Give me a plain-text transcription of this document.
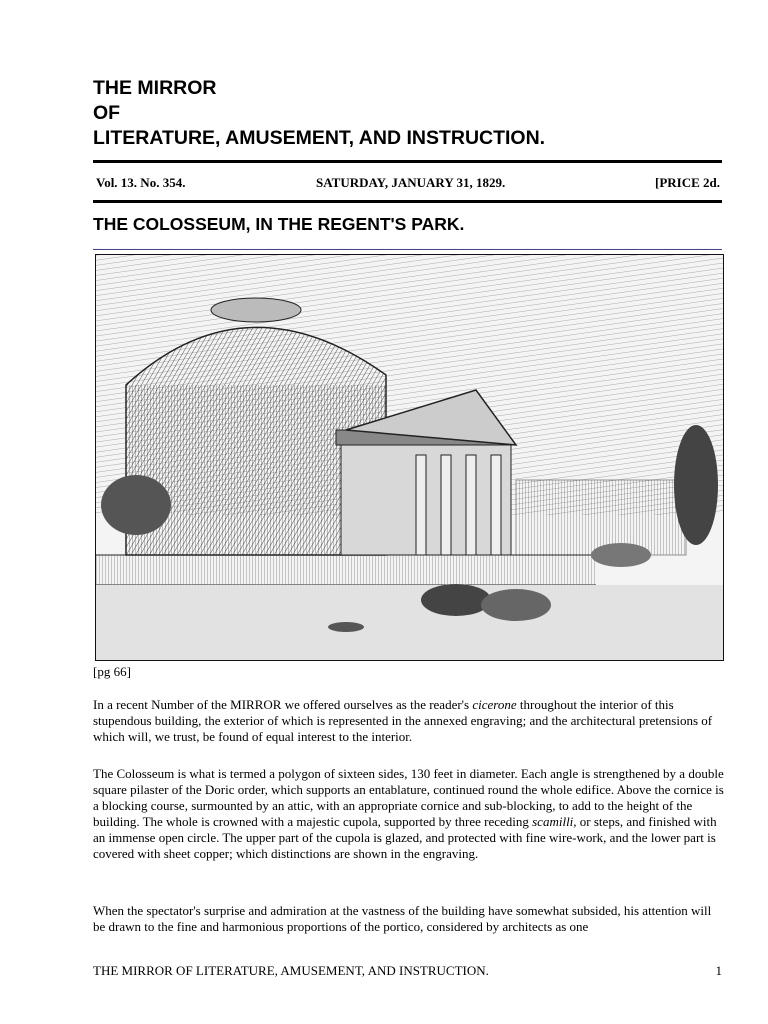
THE MIRROR
OF
LITERATURE, AMUSEMENT, AND INSTRUCTION.
Vol. 13. No. 354.	SATURDAY, JANUARY 31, 1829.	[PRICE 2d.
THE COLOSSEUM, IN THE REGENT'S PARK.
[pg 66]
In a recent Number of the MIRROR we offered ourselves as the reader's cicerone throughout the interior of this stupendous building, the exterior of which is represented in the annexed engraving; and the architectural pretensions of which will, we trust, be found of equal interest to the interior.
The Colosseum is what is termed a polygon of sixteen sides, 130 feet in diameter. Each angle is strengthened by a double square pilaster of the Doric order, which supports an entablature, continued round the whole edifice. Above the cornice is a blocking course, surmounted by an attic, with an appropriate cornice and sub-blocking, to add to the height of the building. The whole is crowned with a majestic cupola, supported by three receding scamilli, or steps, and finished with an immense open circle. The upper part of the cupola is glazed, and protected with fine wire-work, and the lower part is covered with sheet copper; which distinctions are shown in the engraving.
When the spectator's surprise and admiration at the vastness of the building have somewhat subsided, his attention will be drawn to the fine and harmonious proportions of the portico, considered by architects as one
THE MIRROR OF LITERATURE, AMUSEMENT, AND INSTRUCTION.	1
